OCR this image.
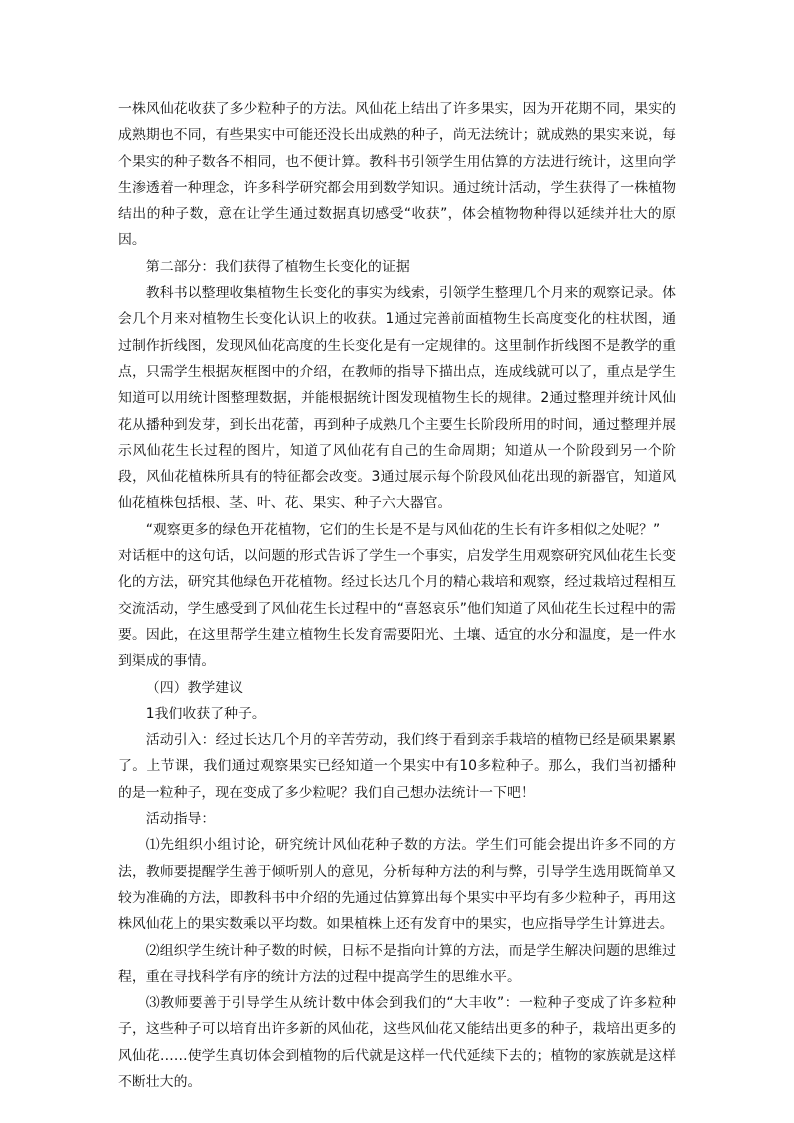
一株风仙花收获了多少粒种子的方法。风仙花上结出了许多果实，因为开花期不同，果实的成熟期也不同，有些果实中可能还没长出成熟的种子，尚无法统计；就成熟的果实来说，每个果实的种子数各不相同，也不便计算。教科书引领学生用估算的方法进行统计，这里向学生渗透着一种理念，许多科学研究都会用到数学知识。通过统计活动，学生获得了一株植物结出的种子数，意在让学生通过数据真切感受“收获”，体会植物物种得以延续并壮大的原因。

第二部分：我们获得了植物生长变化的证据

教科书以整理收集植物生长变化的事实为线索，引领学生整理几个月来的观察记录。体会几个月来对植物生长变化认识上的收获。1通过完善前面植物生长高度变化的柱状图，通过制作折线图，发现风仙花高度的生长变化是有一定规律的。这里制作折线图不是教学的重点，只需学生根据灰框图中的介绍，在教师的指导下描出点，连成线就可以了，重点是学生知道可以用统计图整理数据，并能根据统计图发现植物生长的规律。2通过整理并统计风仙花从播种到发芽，到长出花蕾，再到种子成熟几个主要生长阶段所用的时间，通过整理并展示风仙花生长过程的图片，知道了风仙花有自己的生命周期；知道从一个阶段到另一个阶段，风仙花植株所具有的特征都会改变。3通过展示每个阶段风仙花出现的新器官，知道风仙花植株包括根、茎、叶、花、果实、种子六大器官。

“观察更多的绿色开花植物，它们的生长是不是与风仙花的生长有许多相似之处呢？”

对话框中的这句话，以问题的形式告诉了学生一个事实，启发学生用观察研究风仙花生长变化的方法，研究其他绿色开花植物。经过长达几个月的精心栽培和观察，经过栽培过程相互交流活动，学生感受到了风仙花生长过程中的“喜怒哀乐”他们知道了风仙花生长过程中的需要。因此，在这里帮学生建立植物生长发育需要阳光、土壤、适宜的水分和温度，是一件水到渠成的事情。

（四）教学建议

1我们收获了种子。

活动引入：经过长达几个月的辛苦劳动，我们终于看到亲手栽培的植物已经是硕果累累了。上节课，我们通过观察果实已经知道一个果实中有10多粒种子。那么，我们当初播种的是一粒种子，现在变成了多少粒呢？我们自己想办法统计一下吧！

活动指导：

⑴先组织小组讨论，研究统计风仙花种子数的方法。学生们可能会提出许多不同的方法，教师要提醒学生善于倾听别人的意见，分析每种方法的利与弊，引导学生选用既简单又较为准确的方法，即教科书中介绍的先通过估算算出每个果实中平均有多少粒种子，再用这株风仙花上的果实数乘以平均数。如果植株上还有发育中的果实，也应指导学生计算进去。

⑵组织学生统计种子数的时候，日标不是指向计算的方法，而是学生解决问题的思维过程，重在寻找科学有序的统计方法的过程中提高学生的思维水平。

⑶教师要善于引导学生从统计数中体会到我们的“大丰收”：一粒种子变成了许多粒种子，这些种子可以培育出许多新的风仙花，这些风仙花又能结出更多的种子，栽培出更多的风仙花……使学生真切体会到植物的后代就是这样一代代延续下去的；植物的家族就是这样不断壮大的。
